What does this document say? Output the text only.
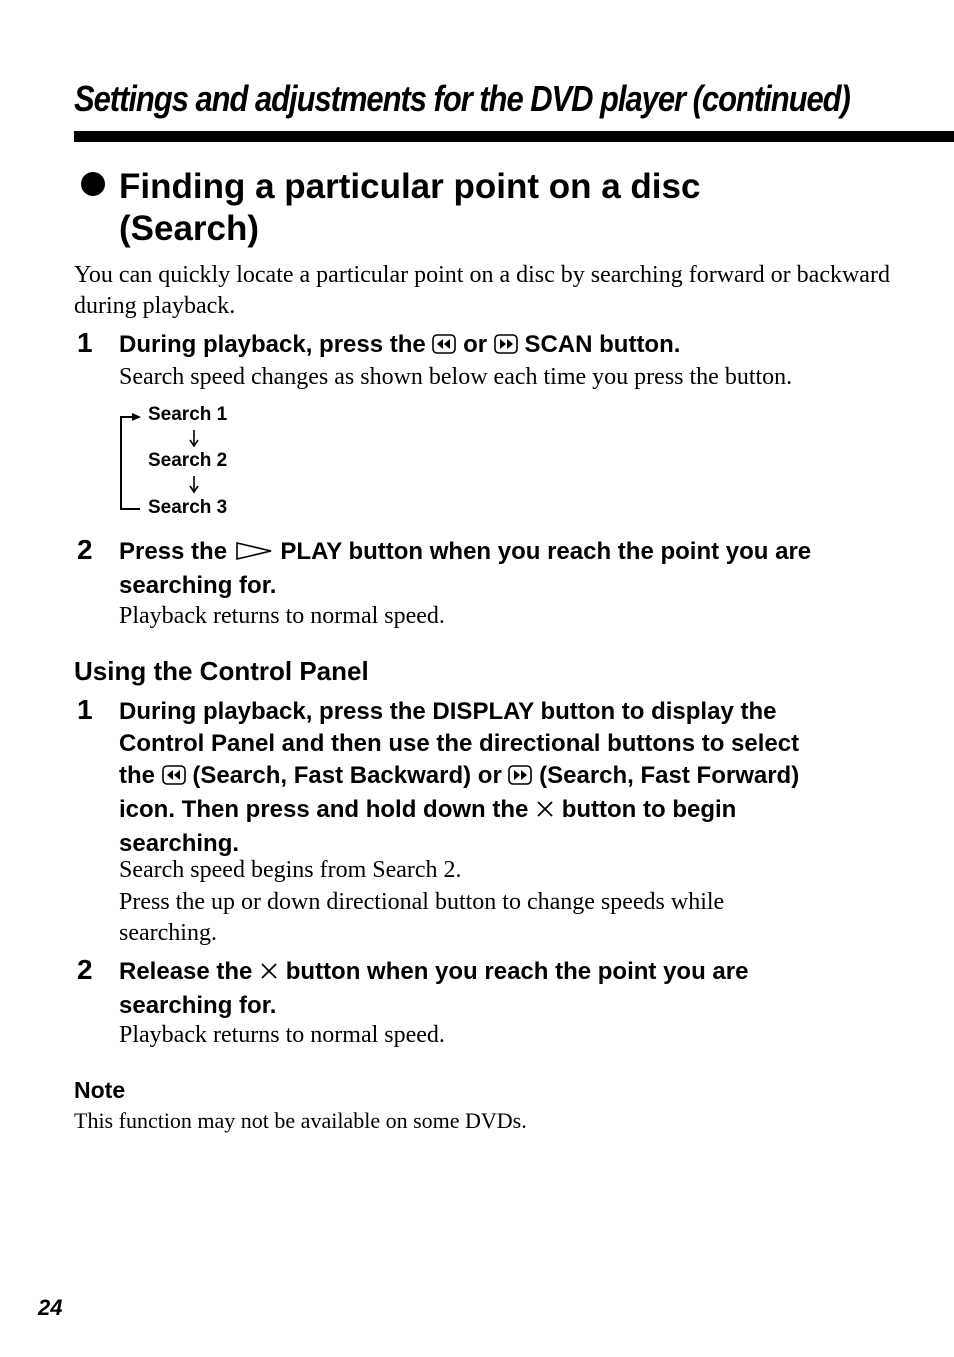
Settings and adjustments for the DVD player (continued)
Finding a particular point on a disc
(Search)
You can quickly locate a particular point on a disc by searching forward or backward during playback.
1 During playback, press the or SCAN button.
Search speed changes as shown below each time you press the button.
Search 1
Search 2
Search 3
2 Press the PLAY button when you reach the point you are searching for.
Playback returns to normal speed.
Using the Control Panel
1 During playback, press the DISPLAY button to display the
Control Panel and then use the directional buttons to select
the (Search, Fast Backward) or (Search, Fast Forward)
icon. Then press and hold down the button to begin
searching.
Search speed begins from Search 2.
Press the up or down directional button to change speeds while searching.
2 Release the button when you reach the point you are
searching for.
Playback returns to normal speed.
Note
This function may not be available on some DVDs.
24
